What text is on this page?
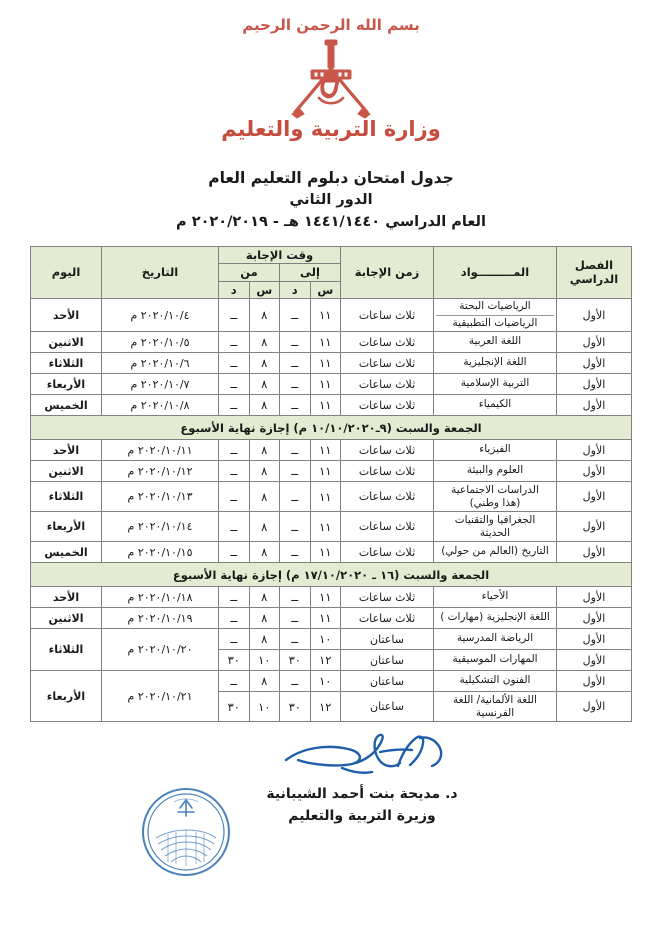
بسم الله الرحمن الرحيم
وزارة التربية والتعليم
جدول امتحان دبلوم التعليم العام
الدور الثاني
العام الدراسي ١٤٤١/١٤٤٠ هـ - ٢٠٢٠/٢٠١٩ م
الفصل
الدراسي	المـــــــــواد	زمن الإجابة	وقت الإجابة				التاريخ	اليوم
			إلى		من			
			س	د	س	د		
الأول	الرياضيات البحتة
الرياضيات التطبيقية	ثلاث ساعات	١١	ــ	٨	ــ	٢٠٢٠/١٠/٤ م	الأحد
الأول	اللغة العربية	ثلاث ساعات	١١	ــ	٨	ــ	٢٠٢٠/١٠/٥ م	الاثنين
الأول	اللغة الإنجليزية	ثلاث ساعات	١١	ــ	٨	ــ	٢٠٢٠/١٠/٦ م	الثلاثاء
الأول	التربية الإسلامية	ثلاث ساعات	١١	ــ	٨	ــ	٢٠٢٠/١٠/٧ م	الأربعاء
الأول	الكيمياء	ثلاث ساعات	١١	ــ	٨	ــ	٢٠٢٠/١٠/٨ م	الخميس
الجمعة والسبت (٩ـ١٠/١٠/٢٠٢٠ م) إجازة نهاية الأسبوع								
الأول	الفيزياء	ثلاث ساعات	١١	ــ	٨	ــ	٢٠٢٠/١٠/١١ م	الأحد
الأول	العلوم والبيئة	ثلاث ساعات	١١	ــ	٨	ــ	٢٠٢٠/١٠/١٢ م	الاثنين
الأول	الدراسات الاجتماعية
(هذا وطني)	ثلاث ساعات	١١	ــ	٨	ــ	٢٠٢٠/١٠/١٣ م	الثلاثاء
الأول	الجغرافيا والتقنيات
الحديثة	ثلاث ساعات	١١	ــ	٨	ــ	٢٠٢٠/١٠/١٤ م	الأربعاء
الأول	التاريخ (العالم من حولي)	ثلاث ساعات	١١	ــ	٨	ــ	٢٠٢٠/١٠/١٥ م	الخميس
الجمعة والسبت (١٦ ـ ١٧/١٠/٢٠٢٠ م) إجازة نهاية الأسبوع								
الأول	الأحياء	ثلاث ساعات	١١	ــ	٨	ــ	٢٠٢٠/١٠/١٨ م	الأحد
الأول	اللغة الإنجليزية (مهارات )	ثلاث ساعات	١١	ــ	٨	ــ	٢٠٢٠/١٠/١٩ م	الاثنين
الأول	الرياضة المدرسية	ساعتان	١٠	ــ	٨	ــ	٢٠٢٠/١٠/٢٠ م	الثلاثاء
الأول	المهارات الموسيقية	ساعتان	١٢	٣٠	١٠	٣٠		
الأول	الفنون التشكيلية	ساعتان	١٠	ــ	٨	ــ	٢٠٢٠/١٠/٢١ م	الأربعاء
الأول	اللغة الألمانية/ اللغة
الفرنسية	ساعتان	١٢	٣٠	١٠	٣٠		
د. مديحة بنت أحمد الشيبانية
وزيرة التربية والتعليم
